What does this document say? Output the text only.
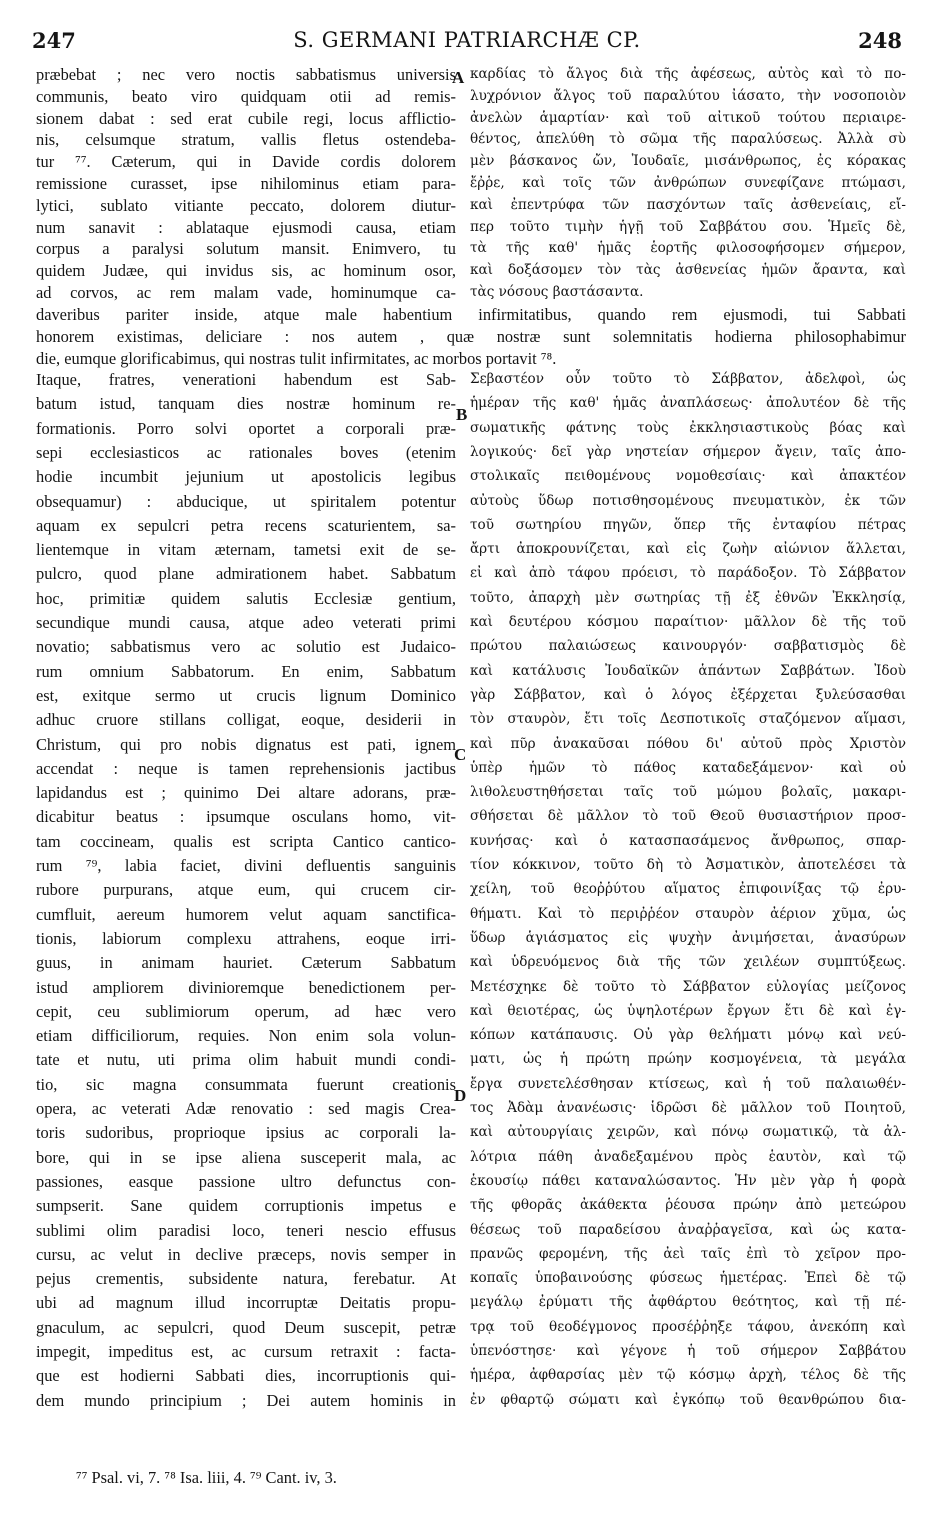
247	S. GERMANI PATRIARCHÆ CP.	248
præbebat ; nec vero noctis sabbatismus universis
communis, beato viro quidquam otii ad remis-
sionem dabat : sed erat cubile regi, locus afflictio-
nis, celsumque stratum, vallis fletus ostendeba-
tur ⁷⁷. Cæterum, qui in Davide cordis dolorem
remissione curasset, ipse nihilominus etiam para-
lytici, sublato vitiante peccato, dolorem diutur-
num sanavit : ablataque ejusmodi causa, etiam
corpus a paralysi solutum mansit. Enimvero, tu
quidem Judæe, qui invidus sis, ac hominum osor,
ad corvos, ac rem malam vade, hominumque ca-
καρδίας τὸ ἄλγος διὰ τῆς ἀφέσεως, αὐτὸς καὶ τὸ πο-
λυχρόνιον ἄλγος τοῦ παραλύτου ἰάσατο, τὴν νοσοποιὸν
ἀνελὼν ἁμαρτίαν· καὶ τοῦ αἰτικοῦ τούτου περιαιρε-
θέντος, ἀπελύθη τὸ σῶμα τῆς παραλύσεως. Ἀλλὰ σὺ
μὲν βάσκανος ὤν, Ἰουδαῖε, μισάνθρωπος, ἐς κόρακας
ἔῤῥε, καὶ τοῖς τῶν ἀνθρώπων συνεφίζανε πτώμασι,
καὶ ἐπεντρύφα τῶν πασχόντων ταῖς ἀσθενείαις, εἴ-
περ τοῦτο τιμὴν ἡγῇ τοῦ Σαββάτου σου. Ἡμεῖς δὲ,
τὰ τῆς καθ' ἡμᾶς ἑορτῆς φιλοσοφήσομεν σήμερον,
καὶ δοξάσομεν τὸν τὰς ἀσθενείας ἡμῶν ἄραντα, καὶ
τὰς νόσους βαστάσαντα.
daveribus pariter inside, atque male habentium infirmitatibus, quando rem ejusmodi, tui Sabbati
honorem existimas, deliciare : nos autem , quæ nostræ sunt solemnitatis hodierna philosophabimur
die, eumque glorificabimus, qui nostras tulit infirmitates, ac morbos portavit ⁷⁸.
Itaque, fratres, venerationi habendum est Sab-
batum istud, tanquam dies nostræ hominum re-
formationis. Porro solvi oportet a corporali præ-
sepi ecclesiasticos ac rationales boves (etenim
hodie incumbit jejunium ut apostolicis legibus
obsequamur) : abducique, ut spiritalem potentur
aquam ex sepulcri petra recens scaturientem, sa-
lientemque in vitam æternam, tametsi exit de se-
pulcro, quod plane admirationem habet. Sabbatum
hoc, primitiæ quidem salutis Ecclesiæ gentium,
secundique mundi causa, atque adeo veterati primi
novatio; sabbatismus vero ac solutio est Judaico-
rum omnium Sabbatorum. En enim, Sabbatum
est, exitque sermo ut crucis lignum Dominico
adhuc cruore stillans colligat, eoque, desiderii in
Christum, qui pro nobis dignatus est pati, ignem
accendat : neque is tamen reprehensionis jactibus
lapidandus est ; quinimo Dei altare adorans, præ-
dicabitur beatus : ipsumque osculans homo, vit-
tam coccineam, qualis est scripta Cantico cantico-
rum ⁷⁹, labia faciet, divini defluentis sanguinis
rubore purpurans, atque eum, qui crucem cir-
cumfluit, aereum humorem velut aquam sanctifica-
tionis, labiorum complexu attrahens, eoque irri-
guus, in animam hauriet. Cæterum Sabbatum
istud ampliorem divinioremque benedictionem per-
cepit, ceu sublimiorum operum, ad hæc vero
etiam difficiliorum, requies. Non enim sola volun-
tate et nutu, uti prima olim habuit mundi condi-
tio, sic magna consummata fuerunt creationis
opera, ac veterati Adæ renovatio : sed magis Crea-
toris sudoribus, proprioque ipsius ac corporali la-
bore, qui in se ipse aliena susceperit mala, ac
passiones, easque passione ultro defunctus con-
sumpserit. Sane quidem corruptionis impetus e
sublimi olim paradisi loco, teneri nescio effusus
cursu, ac velut in declive præceps, novis semper in
pejus crementis, subsidente natura, ferebatur. At
ubi ad magnum illud incorruptæ Deitatis propu-
gnaculum, ac sepulcri, quod Deum suscepit, petræ
impegit, impeditus est, ac cursum retraxit : facta-
que est hodierni Sabbati dies, incorruptionis qui-
dem mundo principium ; Dei autem hominis in
Σεβαστέον οὖν τοῦτο τὸ Σάββατον, ἀδελφοὶ, ὡς
ἡμέραν τῆς καθ' ἡμᾶς ἀναπλάσεως· ἀπολυτέον δὲ τῆς
σωματικῆς φάτνης τοὺς ἐκκλησιαστικοὺς βόας καὶ
λογικούς· δεῖ γὰρ νηστείαν σήμερον ἄγειν, ταῖς ἀπο-
στολικαῖς πειθομένους νομοθεσίαις· καὶ ἀπακτέον
αὐτοὺς ὕδωρ ποτισθησομένους πνευματικὸν, ἐκ τῶν
τοῦ σωτηρίου πηγῶν, ὅπερ τῆς ἐνταφίου πέτρας
ἄρτι ἀποκρουνίζεται, καὶ εἰς ζωὴν αἰώνιον ἅλλεται,
εἰ καὶ ἀπὸ τάφου πρόεισι, τὸ παράδοξον. Τὸ Σάββατον
τοῦτο, ἀπαρχὴ μὲν σωτηρίας τῇ ἐξ ἐθνῶν Ἐκκλησίᾳ,
καὶ δευτέρου κόσμου παραίτιον· μᾶλλον δὲ τῆς τοῦ
πρώτου παλαιώσεως καινουργόν· σαββατισμὸς δὲ
καὶ κατάλυσις Ἰουδαϊκῶν ἁπάντων Σαββάτων. Ἰδοὺ
γὰρ Σάββατον, καὶ ὁ λόγος ἐξέρχεται ξυλεύσασθαι
τὸν σταυρὸν, ἔτι τοῖς Δεσποτικοῖς σταζόμενον αἵμασι,
καὶ πῦρ ἀνακαῦσαι πόθου δι' αὐτοῦ πρὸς Χριστὸν
ὑπὲρ ἡμῶν τὸ πάθος καταδεξάμενον· καὶ οὐ
λιθολευστηθήσεται ταῖς τοῦ μώμου βολαῖς, μακαρι-
σθήσεται δὲ μᾶλλον τὸ τοῦ Θεοῦ θυσιαστήριον προσ-
κυνήσας· καὶ ὁ κατασπασάμενος ἄνθρωπος, σπαρ-
τίον κόκκινον, τοῦτο δὴ τὸ Ἀσματικὸν, ἀποτελέσει τὰ
χείλη, τοῦ θεοῤῥύτου αἵματος ἐπιφοινίξας τῷ ἐρυ-
θήματι. Καὶ τὸ περιῤῥέον σταυρὸν ἀέριον χῦμα, ὡς
ὕδωρ ἁγιάσματος εἰς ψυχὴν ἀνιμήσεται, ἀνασύρων
καὶ ὑδρευόμενος διὰ τῆς τῶν χειλέων συμπτύξεως.
Μετέσχηκε δὲ τοῦτο τὸ Σάββατον εὐλογίας μείζονος
καὶ θειοτέρας, ὡς ὑψηλοτέρων ἔργων ἔτι δὲ καὶ ἐγ-
κόπων κατάπαυσις. Οὐ γὰρ θελήματι μόνῳ καὶ νεύ-
ματι, ὡς ἡ πρώτη πρώην κοσμογένεια, τὰ μεγάλα
ἔργα συνετελέσθησαν κτίσεως, καὶ ἡ τοῦ παλαιωθέν-
τος Ἀδὰμ ἀνανέωσις· ἱδρῶσι δὲ μᾶλλον τοῦ Ποιητοῦ,
καὶ αὐτουργίαις χειρῶν, καὶ πόνῳ σωματικῷ, τὰ ἀλ-
λότρια πάθη ἀναδεξαμένου πρὸς ἑαυτὸν, καὶ τῷ
ἑκουσίῳ πάθει καταναλώσαντος. Ἡν μὲν γὰρ ἡ φορὰ
τῆς φθορᾶς ἀκάθεκτα ῥέουσα πρώην ἀπὸ μετεώρου
θέσεως τοῦ παραδείσου ἀναῤῥαγεῖσα, καὶ ὡς κατα-
πρανῶς φερομένη, τῆς ἀεὶ ταῖς ἐπὶ τὸ χεῖρον προ-
κοπαῖς ὑποβαινούσης φύσεως ἡμετέρας. Ἐπεὶ δὲ τῷ
μεγάλῳ ἐρύματι τῆς ἀφθάρτου θεότητος, καὶ τῇ πέ-
τρᾳ τοῦ θεοδέγμονος προσέῤῥηξε τάφου, ἀνεκόπη καὶ
ὑπενόστησε· καὶ γέγονε ἡ τοῦ σήμερον Σαββάτου
ἡμέρα, ἀφθαρσίας μὲν τῷ κόσμῳ ἀρχὴ, τέλος δὲ τῆς
ἐν φθαρτῷ σώματι καὶ ἐγκόπῳ τοῦ θεανθρώπου δια-
A
B
C
D
⁷⁷ Psal. vi, 7. ⁷⁸ Isa. liii, 4. ⁷⁹ Cant. iv, 3.
